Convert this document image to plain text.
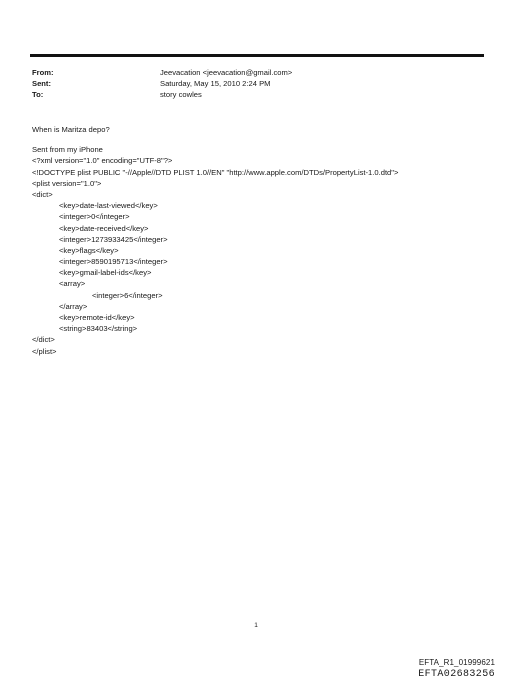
From:	Jeevacation <jeevacation@gmail.com>
Sent:	Saturday, May 15, 2010 2:24 PM
To:	story cowles
When is Maritza depo?
Sent from my iPhone
<?xml version="1.0" encoding="UTF-8"?>
<!DOCTYPE plist PUBLIC "-//Apple//DTD PLIST 1.0//EN" "http://www.apple.com/DTDs/PropertyList-1.0.dtd">
<plist version="1.0">
<dict>
<key>date-last-viewed</key>
<integer>0</integer>
<key>date-received</key>
<integer>1273933425</integer>
<key>flags</key>
<integer>8590195713</integer>
<key>gmail-label-ids</key>
<array>
<integer>6</integer>
</array>
<key>remote-id</key>
<string>83403</string>
</dict>
</plist>
1
EFTA_R1_01999621
EFTA02683256
